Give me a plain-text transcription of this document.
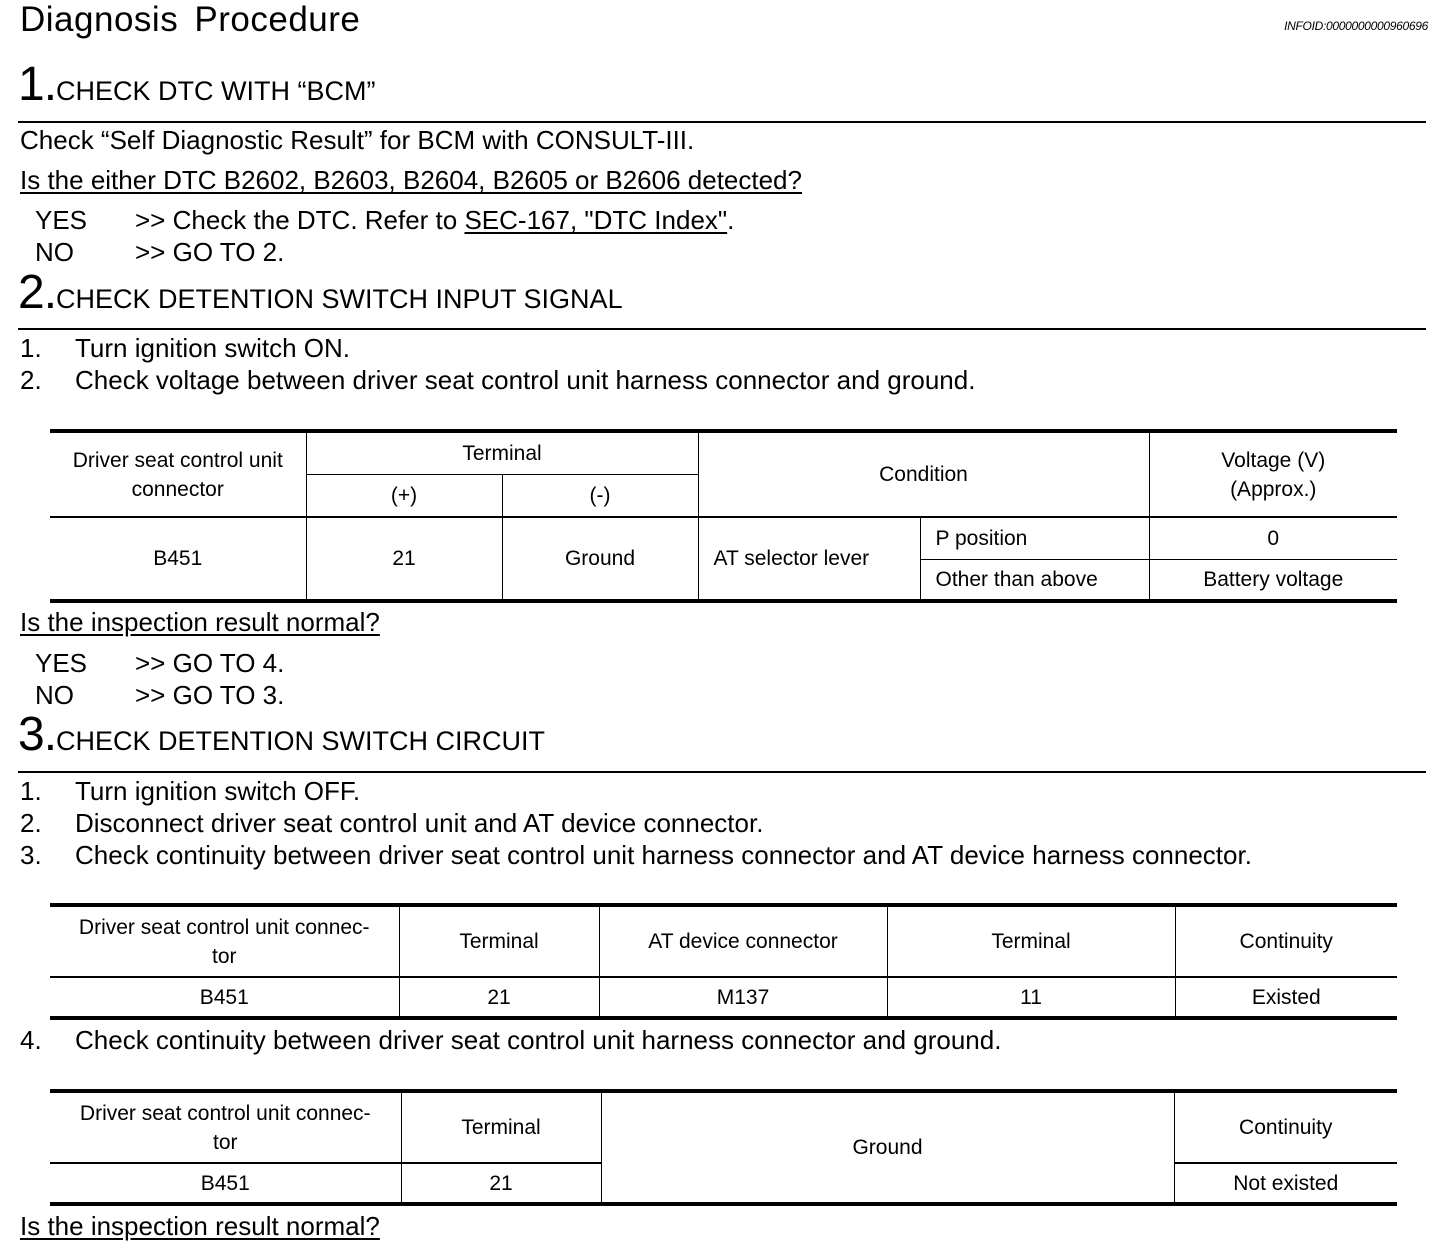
Diagnosis Procedure	INFOID:0000000000960696
1.CHECK DTC WITH “BCM”
Check “Self Diagnostic Result” for BCM with CONSULT-III.
Is the either DTC B2602, B2603, B2604, B2605 or B2606 detected?
YES >> Check the DTC. Refer to SEC-167, "DTC Index".
NO >> GO TO 2.
2.CHECK DETENTION SWITCH INPUT SIGNAL
1. Turn ignition switch ON.
2. Check voltage between driver seat control unit harness connector and ground.
Driver seat control unit connector	Terminal		Condition		Voltage (V)
(Approx.)
	(+)	(-)			
B451	21	Ground	AT selector lever	P position	0
				Other than above	Battery voltage
Is the inspection result normal?
YES >> GO TO 4.
NO >> GO TO 3.
3.CHECK DETENTION SWITCH CIRCUIT
1. Turn ignition switch OFF.
2. Disconnect driver seat control unit and AT device connector.
3. Check continuity between driver seat control unit harness connector and AT device harness connector.
Driver seat control unit connec-
tor	Terminal	AT device connector	Terminal	Continuity
B451	21	M137	11	Existed
4. Check continuity between driver seat control unit harness connector and ground.
Driver seat control unit connec-
tor	Terminal	Ground	Continuity
B451	21		Not existed
Is the inspection result normal?
